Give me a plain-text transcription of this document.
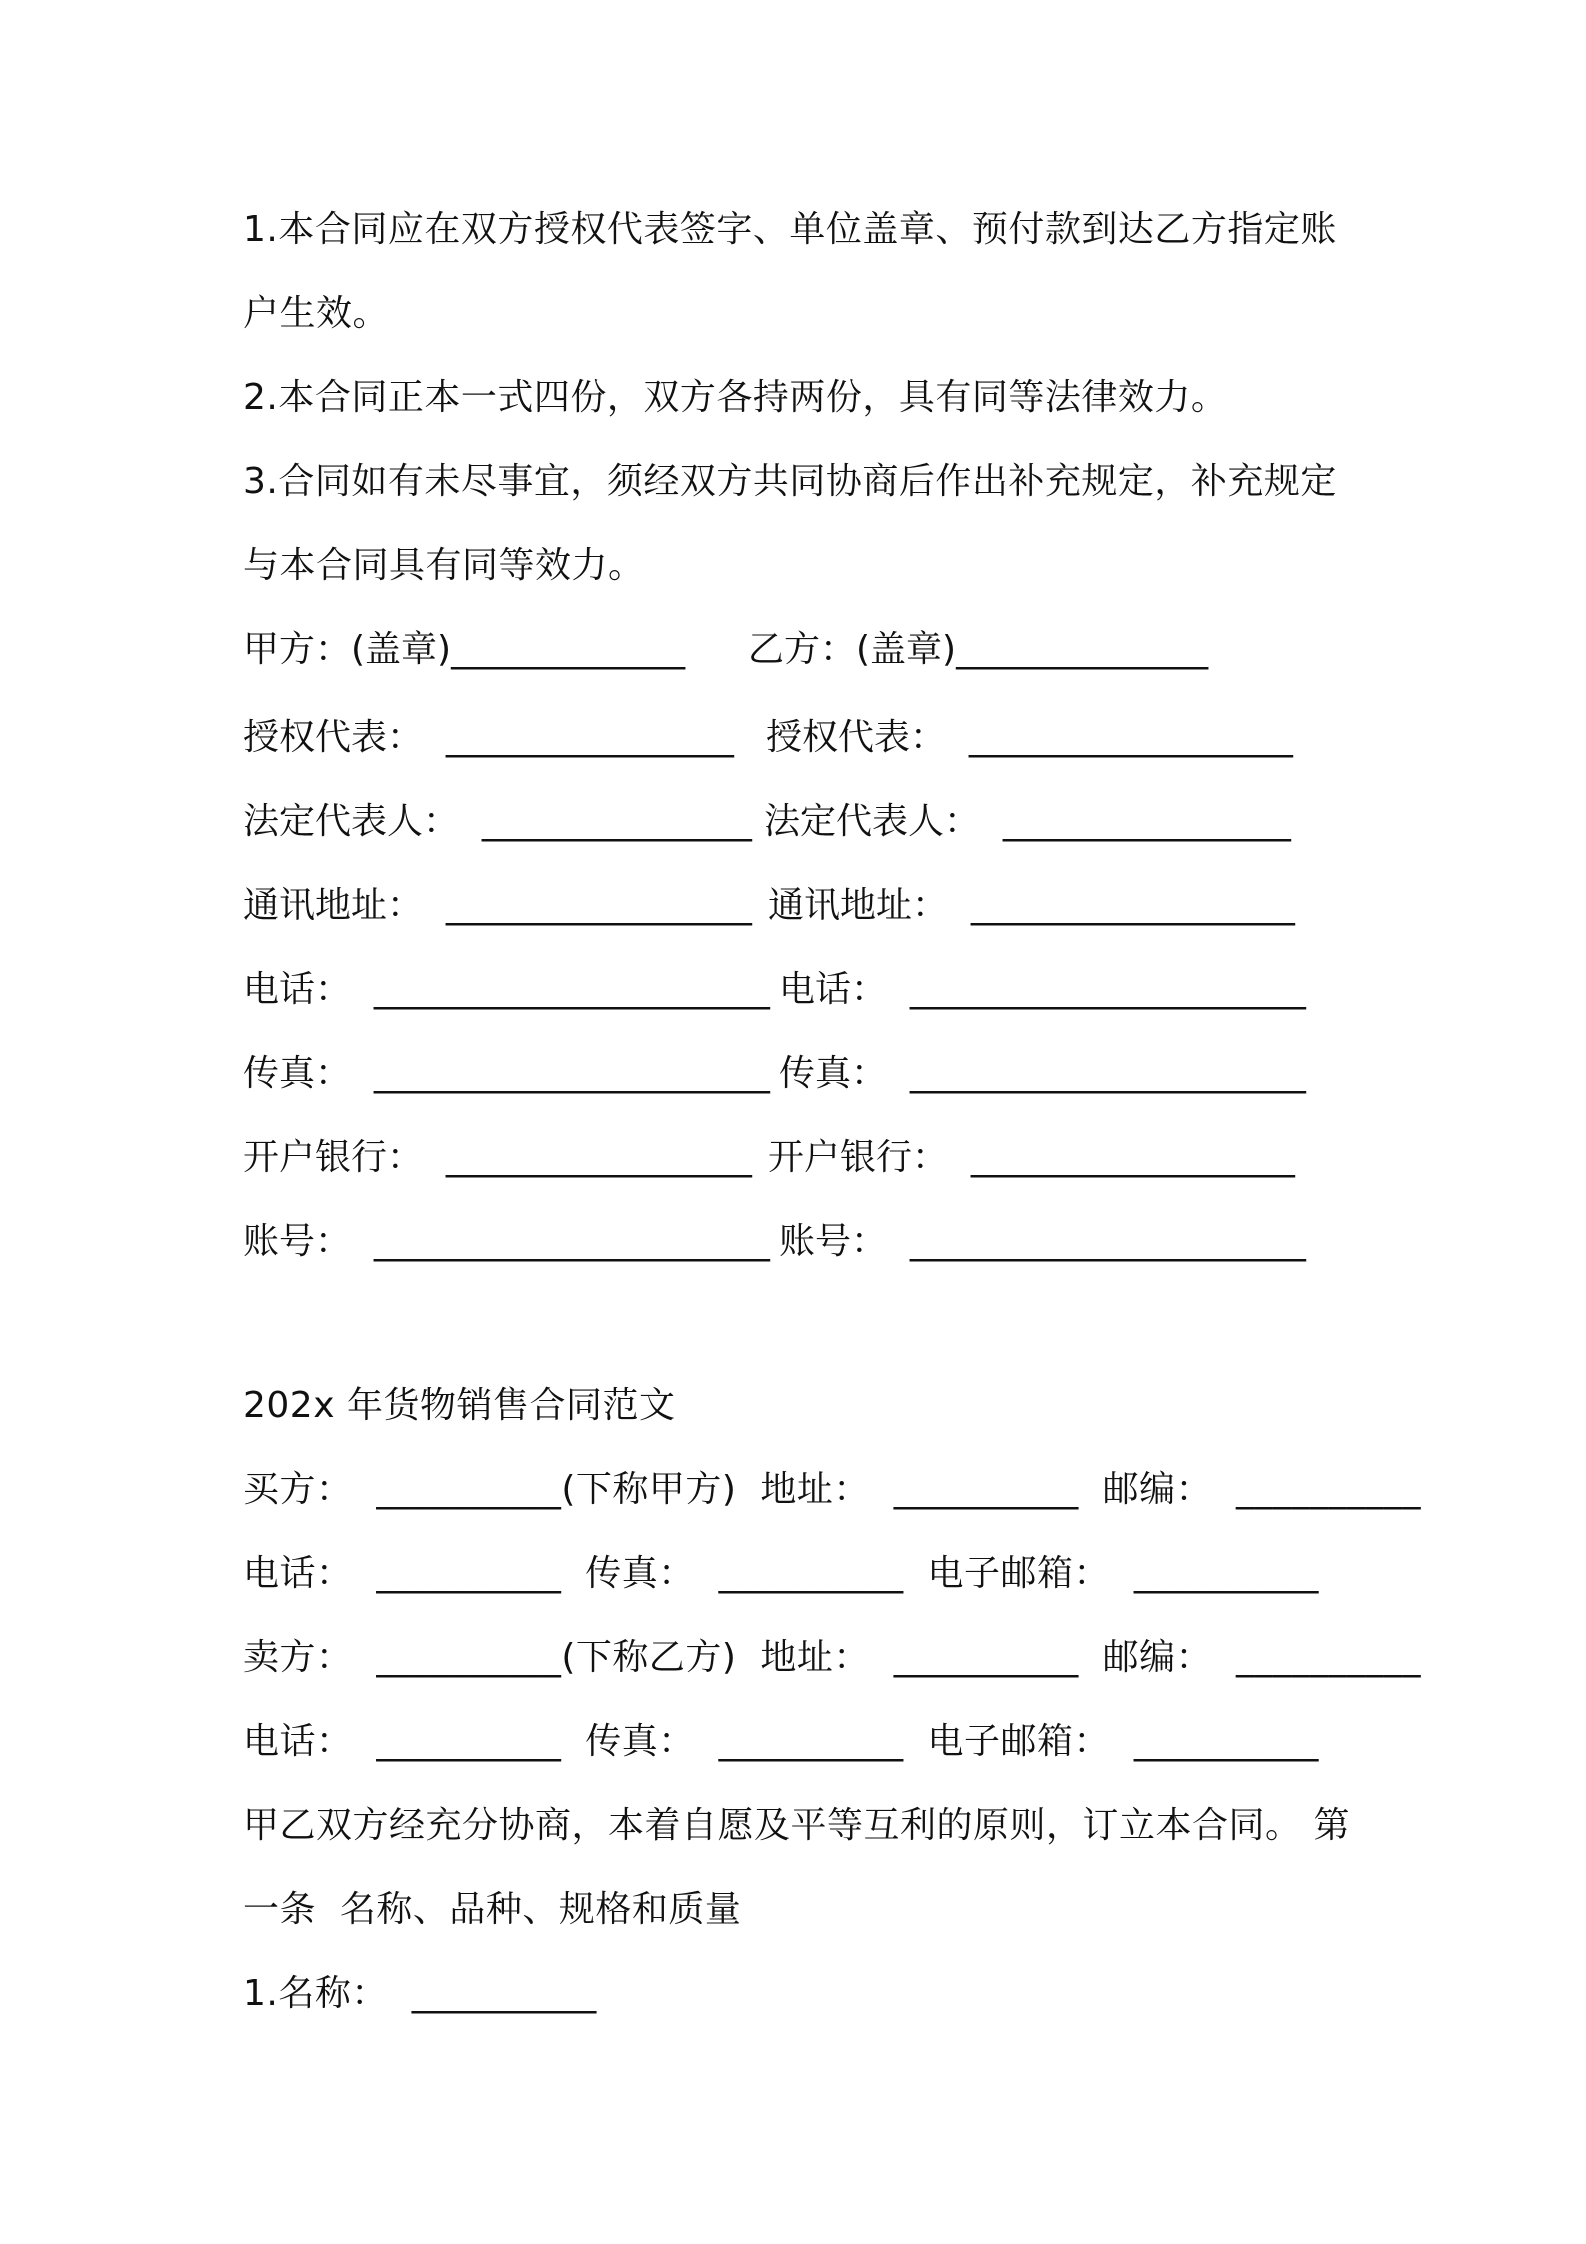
1.本合同应在双方授权代表签字、单位盖章、预付款到达乙方指定账
户生效。
2.本合同正本一式四份，双方各持两份，具有同等法律效力。
3.合同如有未尽事宜，须经双方共同协商后作出补充规定，补充规定
与本合同具有同等效力。
甲方：(盖章)_____________ 乙方：(盖章)______________
授权代表：  ________________ 授权代表：  __________________
法定代表人：  _______________ 法定代表人：  ________________
通讯地址：  _________________ 通讯地址：  __________________
电话：  ______________________ 电话：  ______________________
传真：  ______________________ 传真：  ______________________
开户银行：  _________________ 开户银行：  __________________
账号：  ______________________ 账号：  ______________________
202x 年货物销售合同范文
买方：  __________(下称甲方)  地址：  __________  邮编：  __________
电话：  __________  传真：  __________  电子邮箱：  __________
卖方：  __________(下称乙方)  地址：  __________  邮编：  __________
电话：  __________  传真：  __________  电子邮箱：  __________
甲乙双方经充分协商，本着自愿及平等互利的原则，订立本合同。 第
一条  名称、品种、规格和质量
1.名称：  __________
